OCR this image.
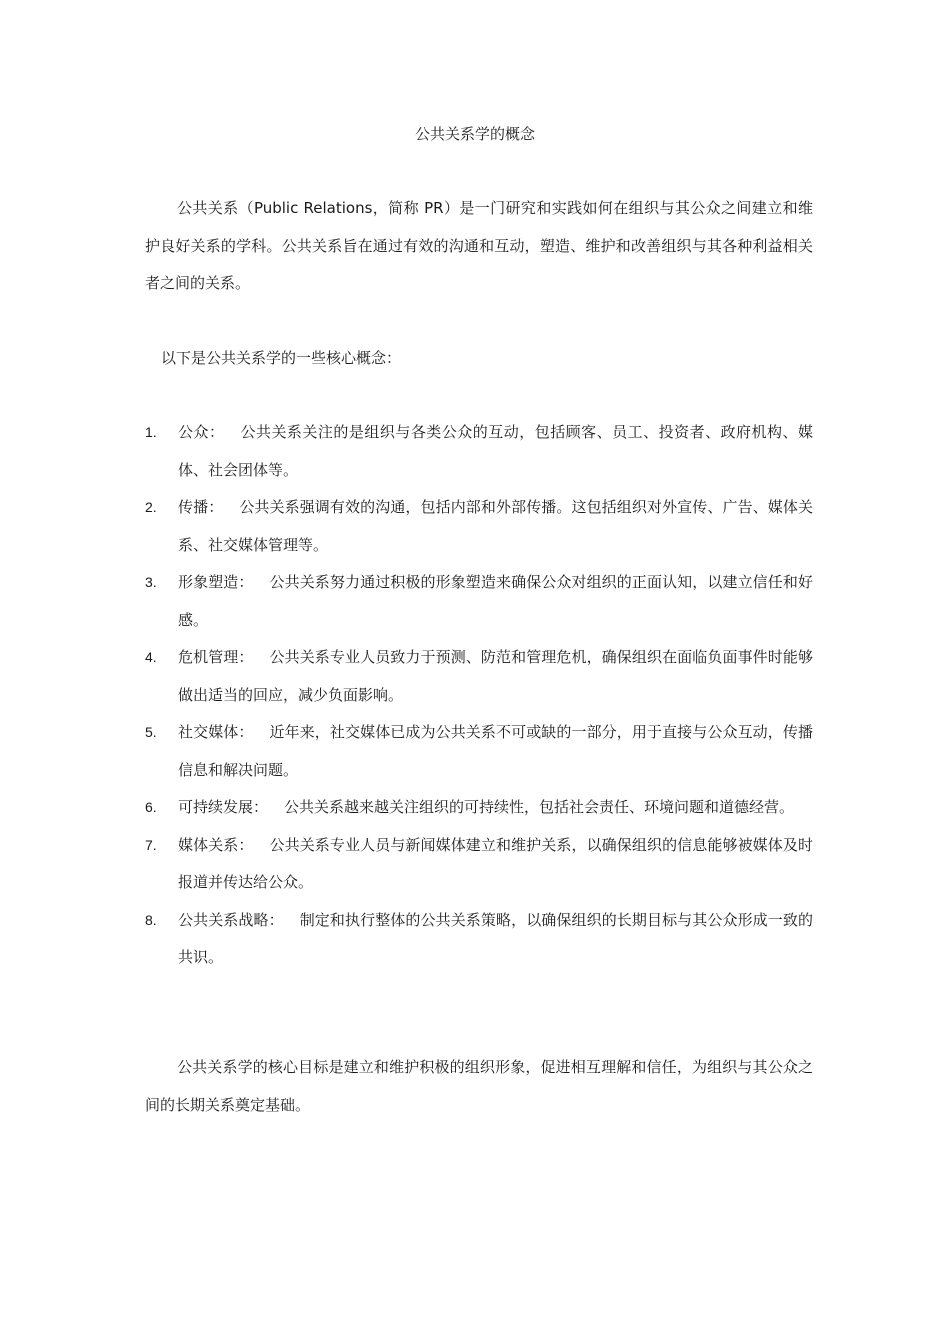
公共关系学的概念

公共关系（Public Relations，简称 PR）是一门研究和实践如何在组织与其公众之间建立和维护良好关系的学科。公共关系旨在通过有效的沟通和互动，塑造、维护和改善组织与其各种利益相关者之间的关系。

以下是公共关系学的一些核心概念：

1. 公众： 公共关系关注的是组织与各类公众的互动，包括顾客、员工、投资者、政府机构、媒体、社会团体等。
2. 传播： 公共关系强调有效的沟通，包括内部和外部传播。这包括组织对外宣传、广告、媒体关系、社交媒体管理等。
3. 形象塑造： 公共关系努力通过积极的形象塑造来确保公众对组织的正面认知，以建立信任和好感。
4. 危机管理： 公共关系专业人员致力于预测、防范和管理危机，确保组织在面临负面事件时能够做出适当的回应，减少负面影响。
5. 社交媒体： 近年来，社交媒体已成为公共关系不可或缺的一部分，用于直接与公众互动，传播信息和解决问题。
6. 可持续发展： 公共关系越来越关注组织的可持续性，包括社会责任、环境问题和道德经营。
7. 媒体关系： 公共关系专业人员与新闻媒体建立和维护关系，以确保组织的信息能够被媒体及时报道并传达给公众。
8. 公共关系战略： 制定和执行整体的公共关系策略，以确保组织的长期目标与其公众形成一致的共识。

公共关系学的核心目标是建立和维护积极的组织形象，促进相互理解和信任，为组织与其公众之间的长期关系奠定基础。
